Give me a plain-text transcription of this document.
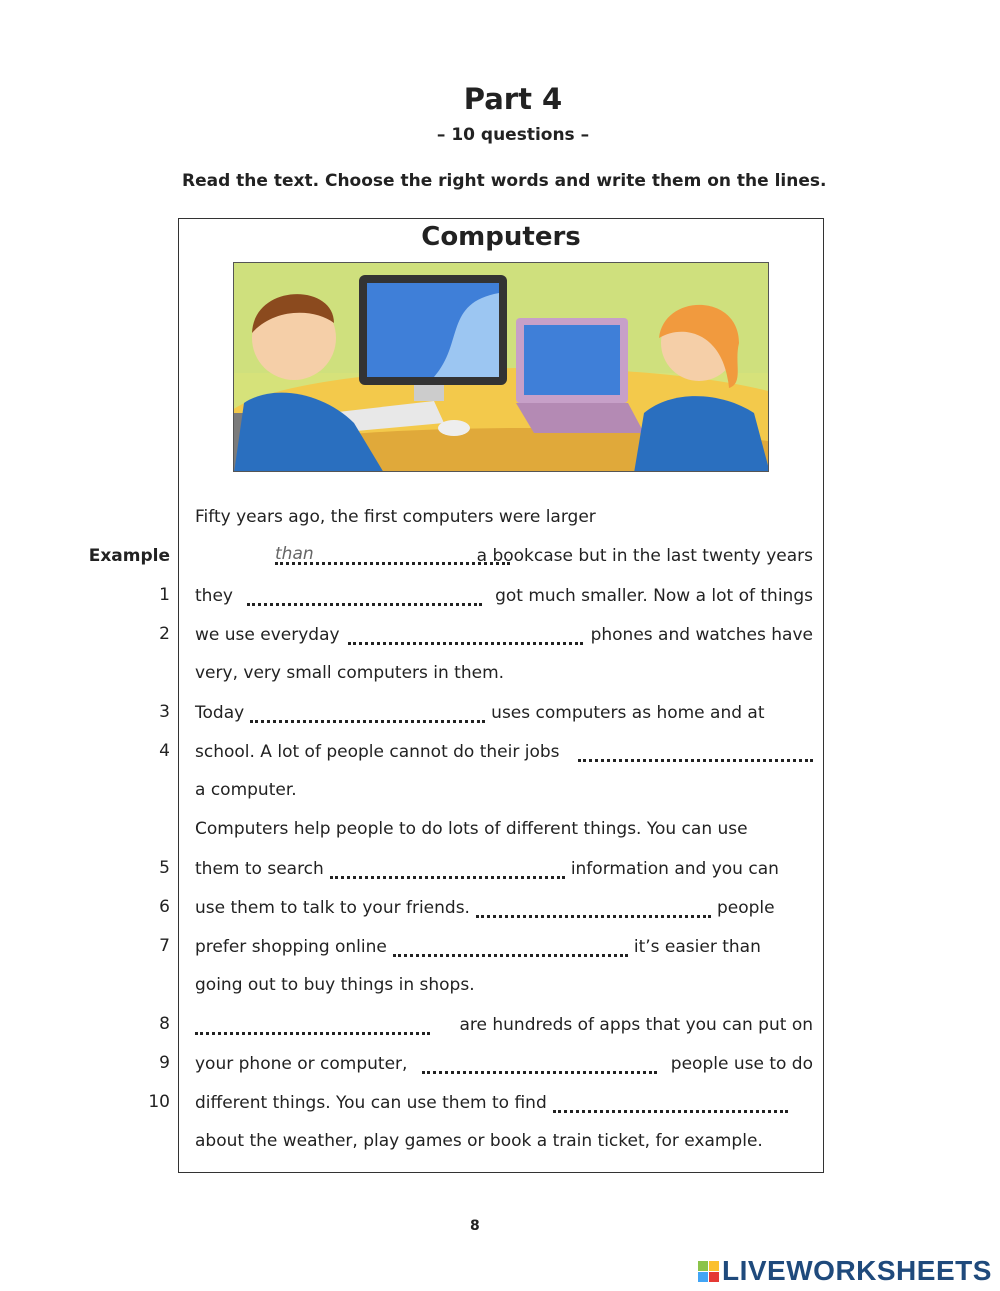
Part 4
– 10 questions –
Read the text. Choose the right words and write them on the lines.
Computers
Fifty years ago, the first computers were larger
Example	than	a bookcase but in the last twenty years
1 they	got much smaller. Now a lot of things
2 we use everyday	phones and watches have
very, very small computers in them.
3 Today	uses computers as home and at
4 school. A lot of people cannot do their jobs
a computer.
Computers help people to do lots of different things. You can use
5 them to search	information and you can
6 use them to talk to your friends.	people
7 prefer shopping online	it’s easier than
going out to buy things in shops.
8	are hundreds of apps that you can put on
9 your phone or computer,	people use to do
10 different things. You can use them to find
about the weather, play games or book a train ticket, for example.
8
LIVEWORKSHEETS
